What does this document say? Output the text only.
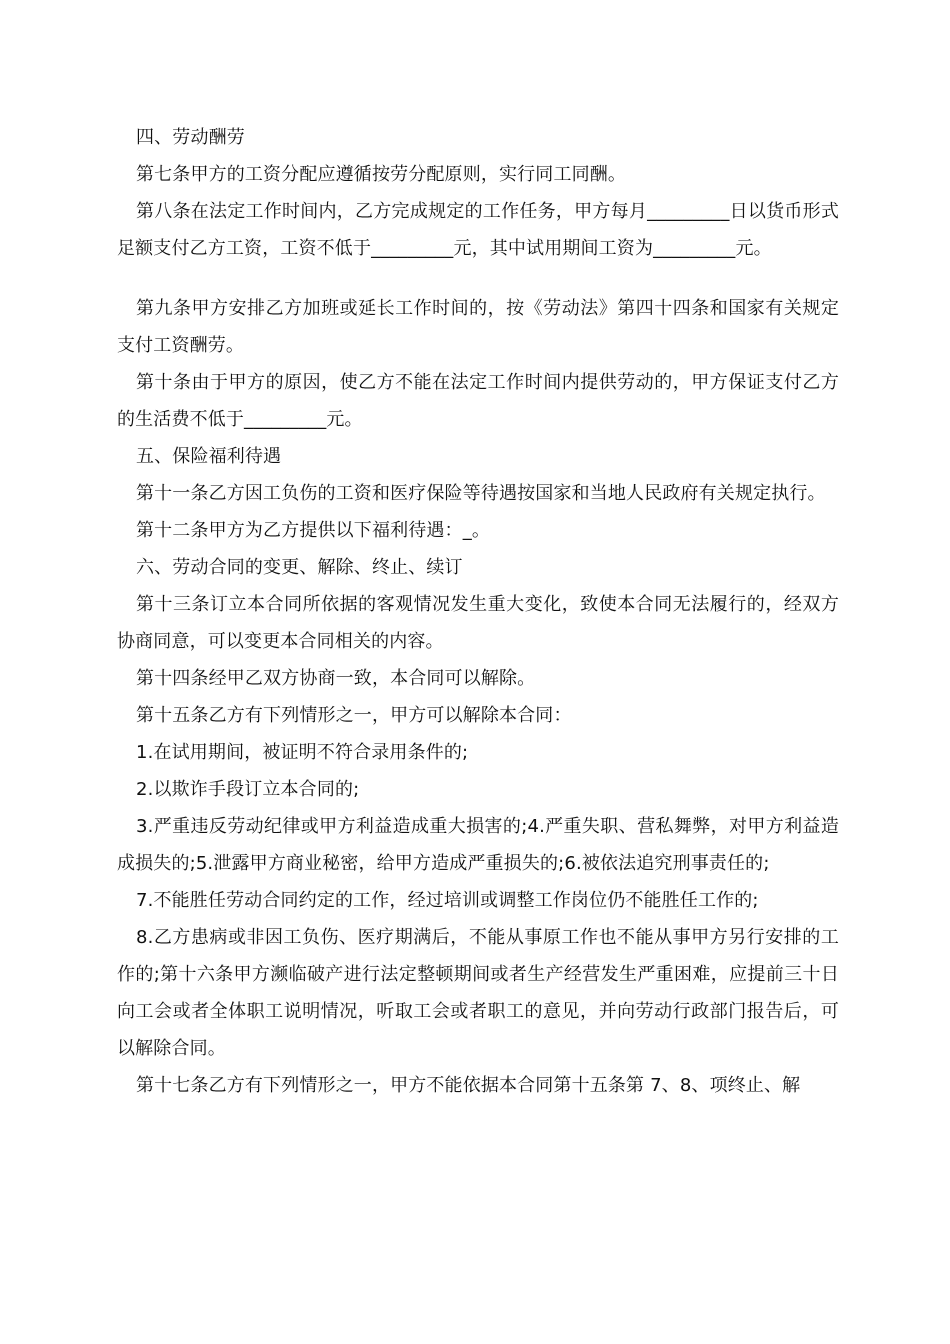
四、劳动酬劳

第七条甲方的工资分配应遵循按劳分配原则，实行同工同酬。

第八条在法定工作时间内，乙方完成规定的工作任务，甲方每月_________日以货币形式足额支付乙方工资，工资不低于_________元，其中试用期间工资为_________元。

第九条甲方安排乙方加班或延长工作时间的，按《劳动法》第四十四条和国家有关规定支付工资酬劳。

第十条由于甲方的原因，使乙方不能在法定工作时间内提供劳动的，甲方保证支付乙方的生活费不低于_________元。

五、保险福利待遇

第十一条乙方因工负伤的工资和医疗保险等待遇按国家和当地人民政府有关规定执行。

第十二条甲方为乙方提供以下福利待遇：_。

六、劳动合同的变更、解除、终止、续订

第十三条订立本合同所依据的客观情况发生重大变化，致使本合同无法履行的，经双方协商同意，可以变更本合同相关的内容。

第十四条经甲乙双方协商一致，本合同可以解除。

第十五条乙方有下列情形之一，甲方可以解除本合同：

1.在试用期间，被证明不符合录用条件的;

2.以欺诈手段订立本合同的;

3.严重违反劳动纪律或甲方利益造成重大损害的;4.严重失职、营私舞弊，对甲方利益造成损失的;5.泄露甲方商业秘密，给甲方造成严重损失的;6.被依法追究刑事责任的;

7.不能胜任劳动合同约定的工作，经过培训或调整工作岗位仍不能胜任工作的;

8.乙方患病或非因工负伤、医疗期满后，不能从事原工作也不能从事甲方另行安排的工作的;第十六条甲方濒临破产进行法定整顿期间或者生产经营发生严重困难，应提前三十日向工会或者全体职工说明情况，听取工会或者职工的意见，并向劳动行政部门报告后，可以解除合同。

第十七条乙方有下列情形之一，甲方不能依据本合同第十五条第 7、8、项终止、解
